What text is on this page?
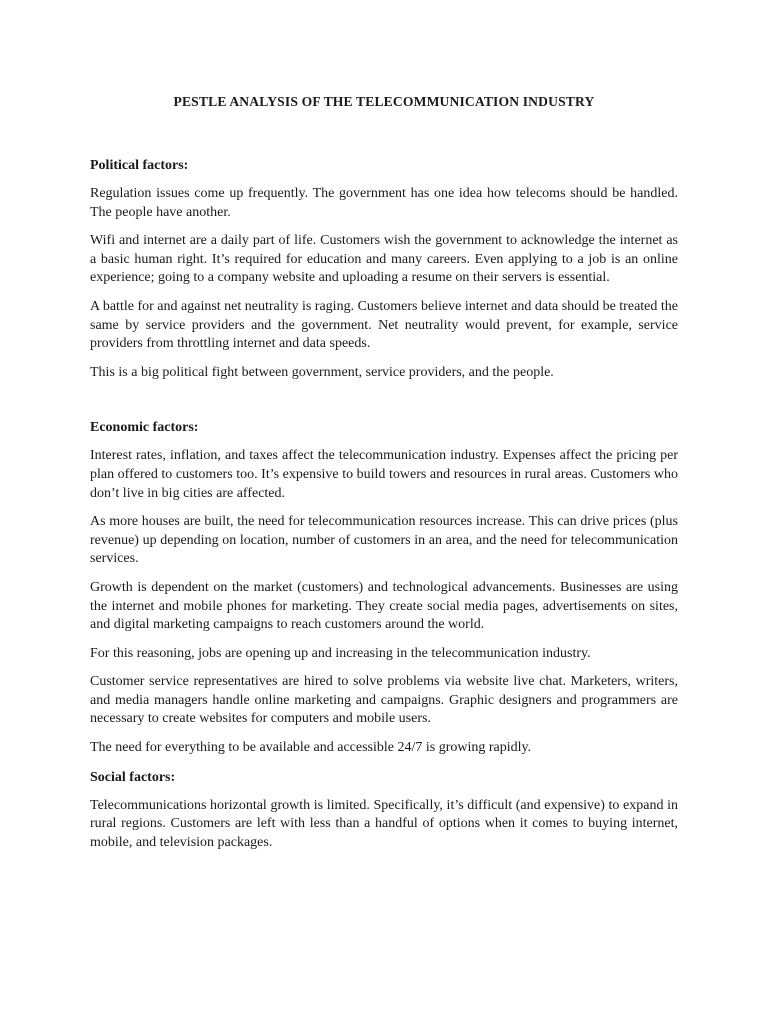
PESTLE ANALYSIS OF THE TELECOMMUNICATION INDUSTRY
Political factors:

Regulation issues come up frequently. The government has one idea how telecoms should be handled. The people have another.

Wifi and internet are a daily part of life. Customers wish the government to acknowledge the internet as a basic human right. It’s required for education and many careers. Even applying to a job is an online experience; going to a company website and uploading a resume on their servers is essential.

A battle for and against net neutrality is raging. Customers believe internet and data should be treated the same by service providers and the government. Net neutrality would prevent, for example, service providers from throttling internet and data speeds.

This is a big political fight between government, service providers, and the people.

Economic factors:

Interest rates, inflation, and taxes affect the telecommunication industry. Expenses affect the pricing per plan offered to customers too. It’s expensive to build towers and resources in rural areas. Customers who don’t live in big cities are affected.

As more houses are built, the need for telecommunication resources increase. This can drive prices (plus revenue) up depending on location, number of customers in an area, and the need for telecommunication services.

Growth is dependent on the market (customers) and technological advancements. Businesses are using the internet and mobile phones for marketing. They create social media pages, advertisements on sites, and digital marketing campaigns to reach customers around the world.

For this reasoning, jobs are opening up and increasing in the telecommunication industry.

Customer service representatives are hired to solve problems via website live chat. Marketers, writers, and media managers handle online marketing and campaigns. Graphic designers and programmers are necessary to create websites for computers and mobile users.

The need for everything to be available and accessible 24/7 is growing rapidly.

Social factors:

Telecommunications horizontal growth is limited. Specifically, it’s difficult (and expensive) to expand in rural regions. Customers are left with less than a handful of options when it comes to buying internet, mobile, and television packages.
